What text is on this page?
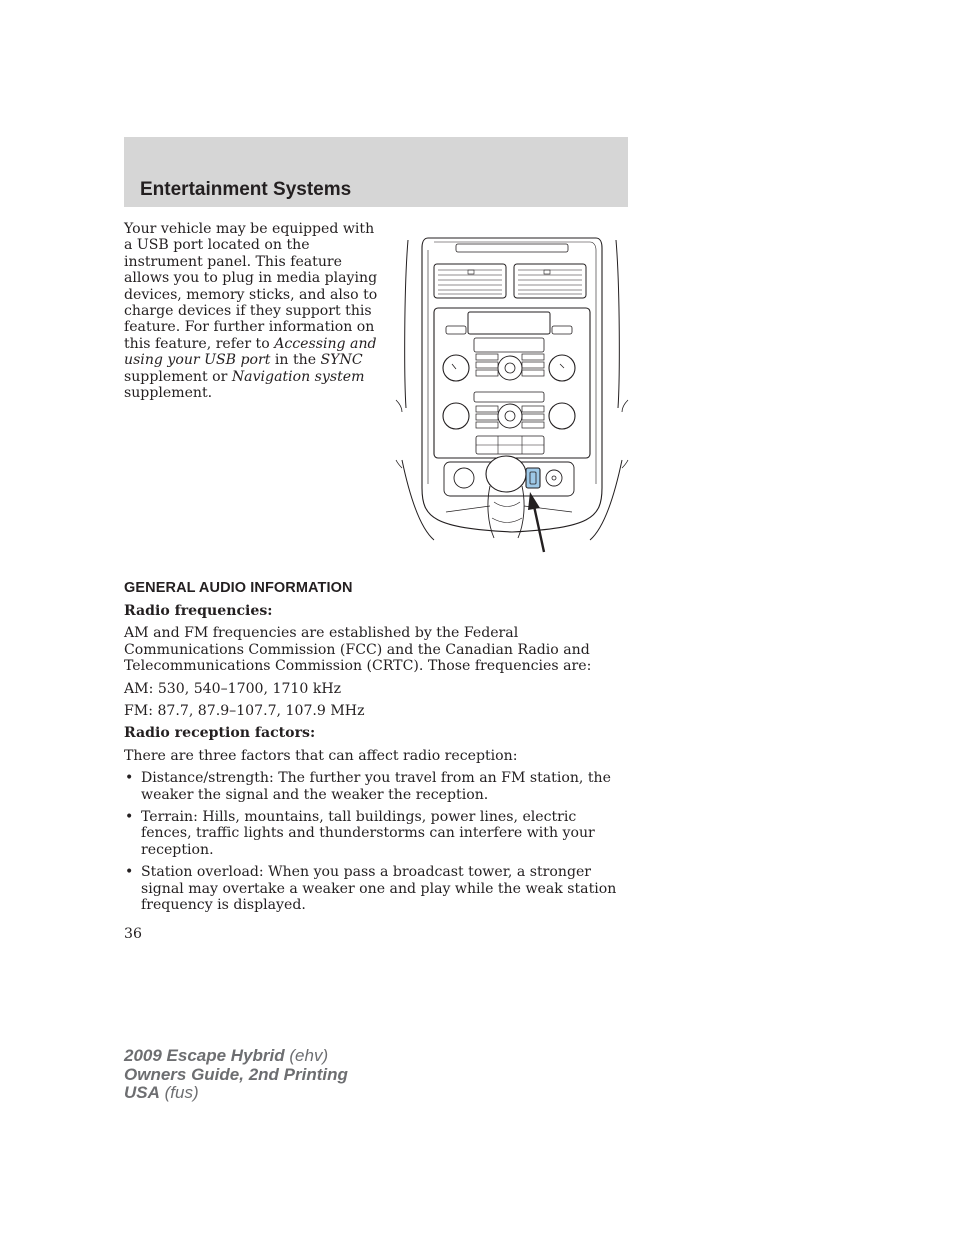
Entertainment Systems

Your vehicle may be equipped with a USB port located on the instrument panel. This feature allows you to plug in media playing devices, memory sticks, and also to charge devices if they support this feature. For further information on this feature, refer to Accessing and using your USB port in the SYNC supplement or Navigation system supplement.

GENERAL AUDIO INFORMATION

Radio frequencies:

AM and FM frequencies are established by the Federal Communications Commission (FCC) and the Canadian Radio and Telecommunications Commission (CRTC). Those frequencies are:

AM: 530, 540–1700, 1710 kHz

FM: 87.7, 87.9–107.7, 107.9 MHz

Radio reception factors:

There are three factors that can affect radio reception:

• Distance/strength: The further you travel from an FM station, the weaker the signal and the weaker the reception.
• Terrain: Hills, mountains, tall buildings, power lines, electric fences, traffic lights and thunderstorms can interfere with your reception.
• Station overload: When you pass a broadcast tower, a stronger signal may overtake a weaker one and play while the weak station frequency is displayed.

36

2009 Escape Hybrid (ehv)
Owners Guide, 2nd Printing
USA (fus)
